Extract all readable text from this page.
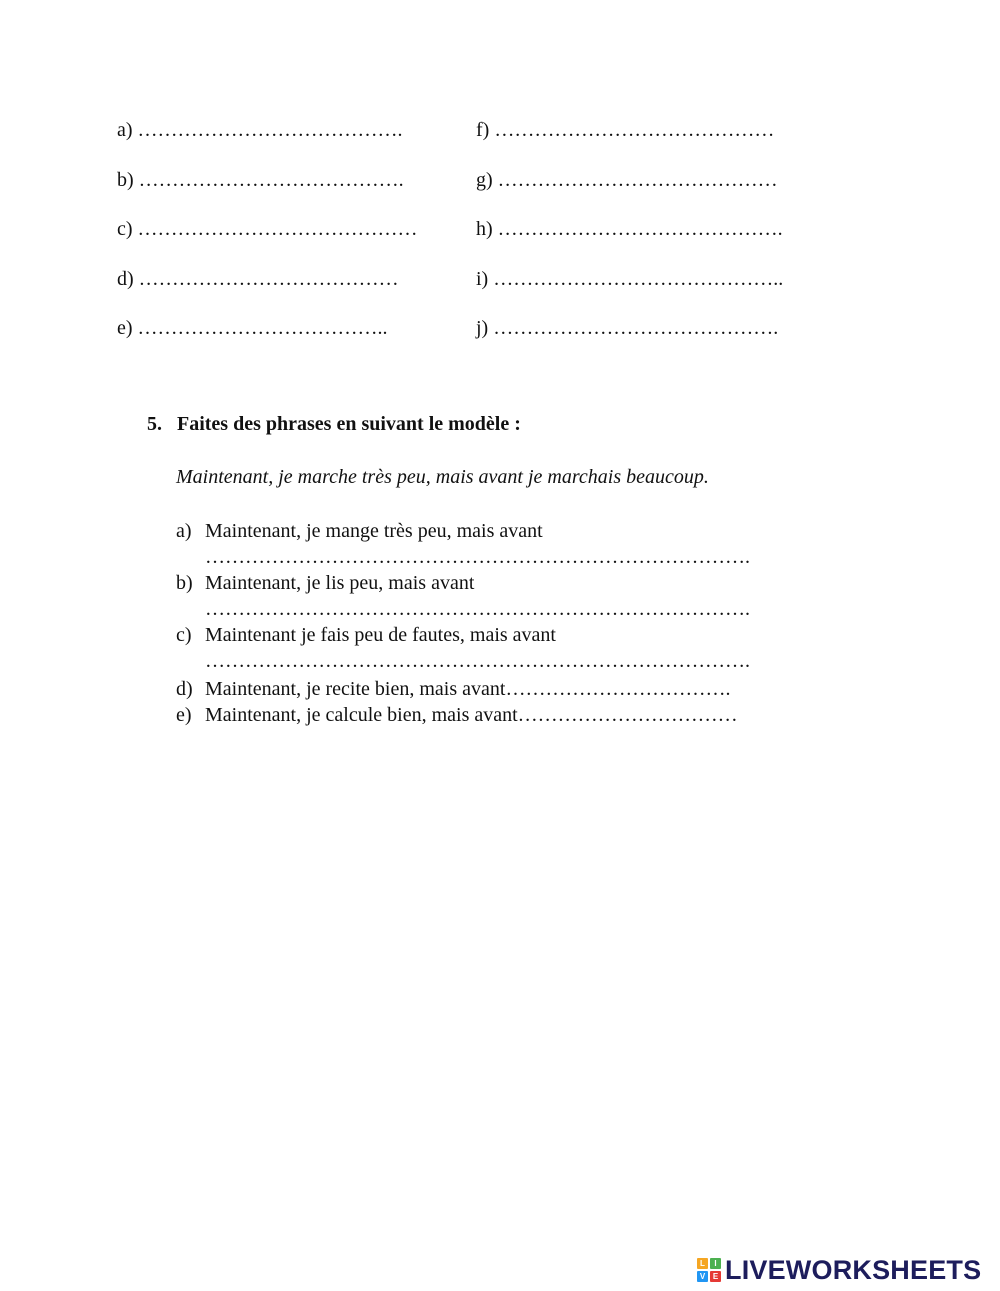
a) ………………………………….
b) ………………………………….
c) ……………………………………
d) …………………………………
e) ………………………………..
f) ……………………………………
g) ……………………………………
h) …………………………………….
i) ……………………………………..
j) …………………………………….
5. Faites des phrases en suivant le modèle :
Maintenant, je marche très peu, mais avant je marchais beaucoup.
a) Maintenant, je mange très peu, mais avant
……………………………………………………………………….
b) Maintenant, je lis peu, mais avant
……………………………………………………………………….
c) Maintenant je fais peu de fautes, mais avant
……………………………………………………………………….
d) Maintenant, je recite bien, mais avant…………………………….
e) Maintenant, je calcule bien, mais avant……………………………
L	I
V E LIVEWORKSHEETS
